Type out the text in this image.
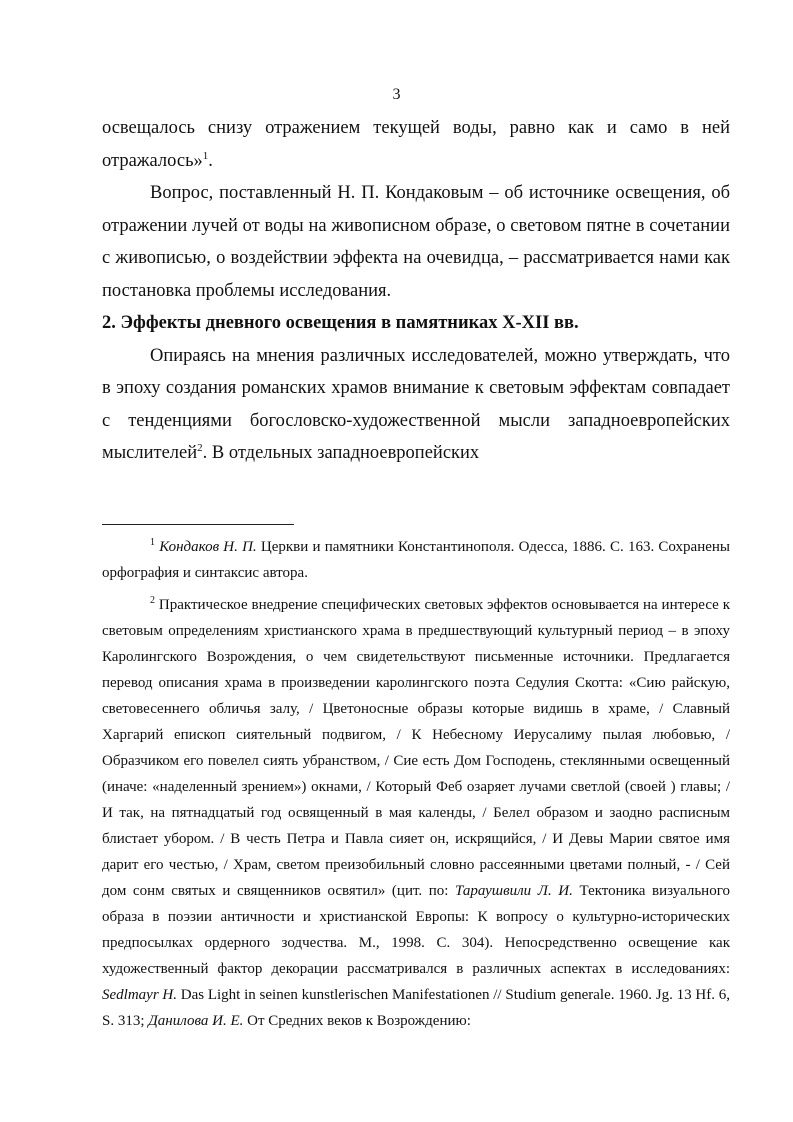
3

освещалось снизу отражением текущей воды, равно как и само в ней отражалось»$^1$.

Вопрос, поставленный Н. П. Кондаковым – об источнике освещения, об отражении лучей от воды на живописном образе, о световом пятне в сочетании с живописью, о воздействии эффекта на очевидца, – рассматривается нами как постановка проблемы исследования.

2. Эффекты дневного освещения в памятниках X-XII вв.

Опираясь на мнения различных исследователей, можно утверждать, что в эпоху создания романских храмов внимание к световым эффектам совпадает с тенденциями богословско-художественной мысли западноевропейских мыслителей$^2$. В отдельных западноевропейских

$^1$ Кондаков Н. П. Церкви и памятники Константинополя. Одесса, 1886. С. 163. Сохранены орфография и синтаксис автора.

$^2$ Практическое внедрение специфических световых эффектов основывается на интересе к световым определениям христианского храма в предшествующий культурный период – в эпоху Каролингского Возрождения, о чем свидетельствуют письменные источники. Предлагается перевод описания храма в произведении каролингского поэта Седулия Скотта: «Сию райскую, световесеннего обличья залу, / Цветоносные образы которые видишь в храме, / Славный Харгарий епископ сиятельный подвигом, / К Небесному Иерусалиму пылая любовью, / Образчиком его повелел сиять убранством, / Сие есть Дом Господень, стеклянными освещенный (иначе: «наделенный зрением») окнами, / Который Феб озаряет лучами светлой (своей ) главы; / И так, на пятнадцатый год освященный в мая календы, / Белел образом и заодно расписным блистает убором. / В честь Петра и Павла сияет он, искрящийся, / И Девы Марии святое имя дарит его честью, / Храм, светом преизобильный словно рассеянными цветами полный, - / Сей дом сонм святых и священников освятил» (цит. по: Тараушвили Л. И. Тектоника визуального образа в поэзии античности и христианской Европы: К вопросу о культурно-исторических предпосылках ордерного зодчества. М., 1998. С. 304). Непосредственно освещение как художественный фактор декорации рассматривался в различных аспектах в исследованиях: Sedlmayr H. Das Light in seinen kunstlerischen Manifestationen // Studium generale. 1960. Jg. 13 Hf. 6, S. 313; Данилова И. Е. От Средних веков к Возрождению:
